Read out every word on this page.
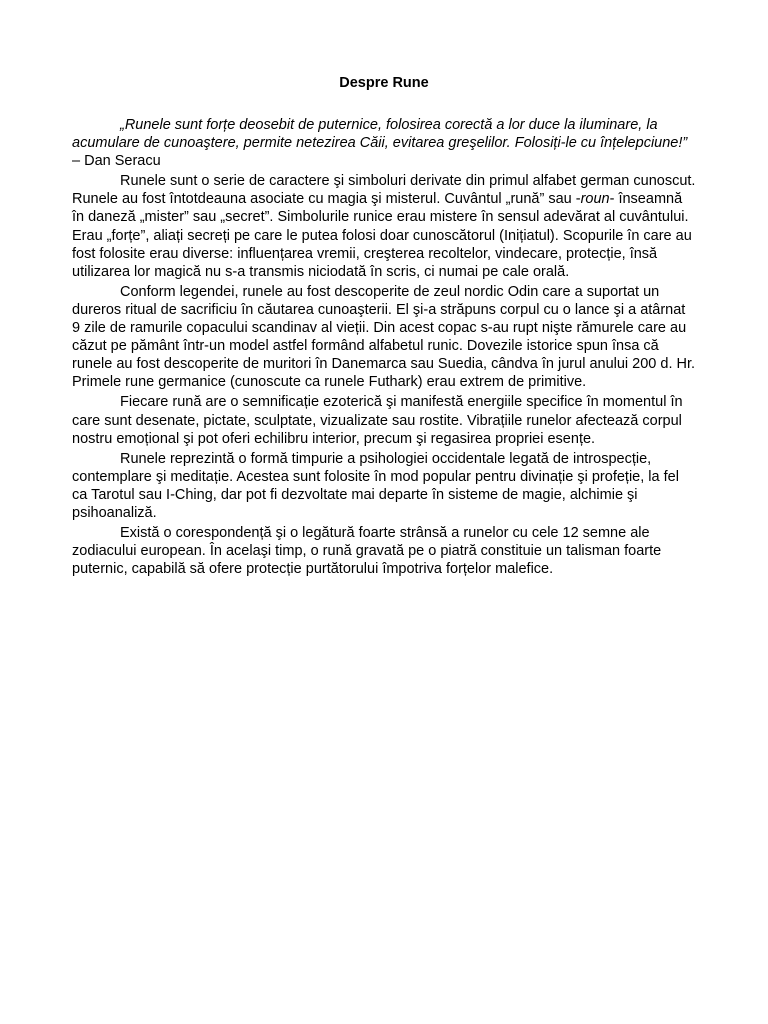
Despre Rune

„Runele sunt forțe deosebit de puternice, folosirea corectă a lor duce la iluminare, la acumulare de cunoaştere, permite netezirea Căii, evitarea greşelilor. Folosiți-le cu înțelepciune!” – Dan Seracu

Runele sunt o serie de caractere şi simboluri derivate din primul alfabet german cunoscut. Runele au fost întotdeauna asociate cu magia şi misterul. Cuvântul „rună” sau -roun- înseamnă în daneză „mister” sau „secret”. Simbolurile runice erau mistere în sensul adevărat al cuvântului. Erau „forțe”, aliați secreți pe care le putea folosi doar cunoscătorul (Inițiatul). Scopurile în care au fost folosite erau diverse: influențarea vremii, creşterea recoltelor, vindecare, protecție, însă utilizarea lor magică nu s-a transmis niciodată în scris, ci numai pe cale orală.

Conform legendei, runele au fost descoperite de zeul nordic Odin care a suportat un dureros ritual de sacrificiu în căutarea cunoaşterii. El şi-a străpuns corpul cu o lance şi a atârnat 9 zile de ramurile copacului scandinav al vieții. Din acest copac s-au rupt nişte rămurele care au căzut pe pământ într-un model astfel formând alfabetul runic. Dovezile istorice spun însa că runele au fost descoperite de muritori în Danemarca sau Suedia, cândva în jurul anului 200 d. Hr. Primele rune germanice (cunoscute ca runele Futhark) erau extrem de primitive.

Fiecare rună are o semnificație ezoterică şi manifestă energiile specifice în momentul în care sunt desenate, pictate, sculptate, vizualizate sau rostite. Vibrațiile runelor afectează corpul nostru emoțional şi pot oferi echilibru interior, precum şi regasirea propriei esențe.

Runele reprezintă o formă timpurie a psihologiei occidentale legată de introspecție, contemplare şi meditație. Acestea sunt folosite în mod popular pentru divinație şi profeție, la fel ca Tarotul sau I-Ching, dar pot fi dezvoltate mai departe în sisteme de magie, alchimie şi psihoanaliză.

Există o corespondență şi o legătură foarte strânsă a runelor cu cele 12 semne ale zodiacului european. În acelaşi timp, o rună gravată pe o piatră constituie un talisman foarte puternic, capabilă să ofere protecție purtătorului împotriva forțelor malefice.
